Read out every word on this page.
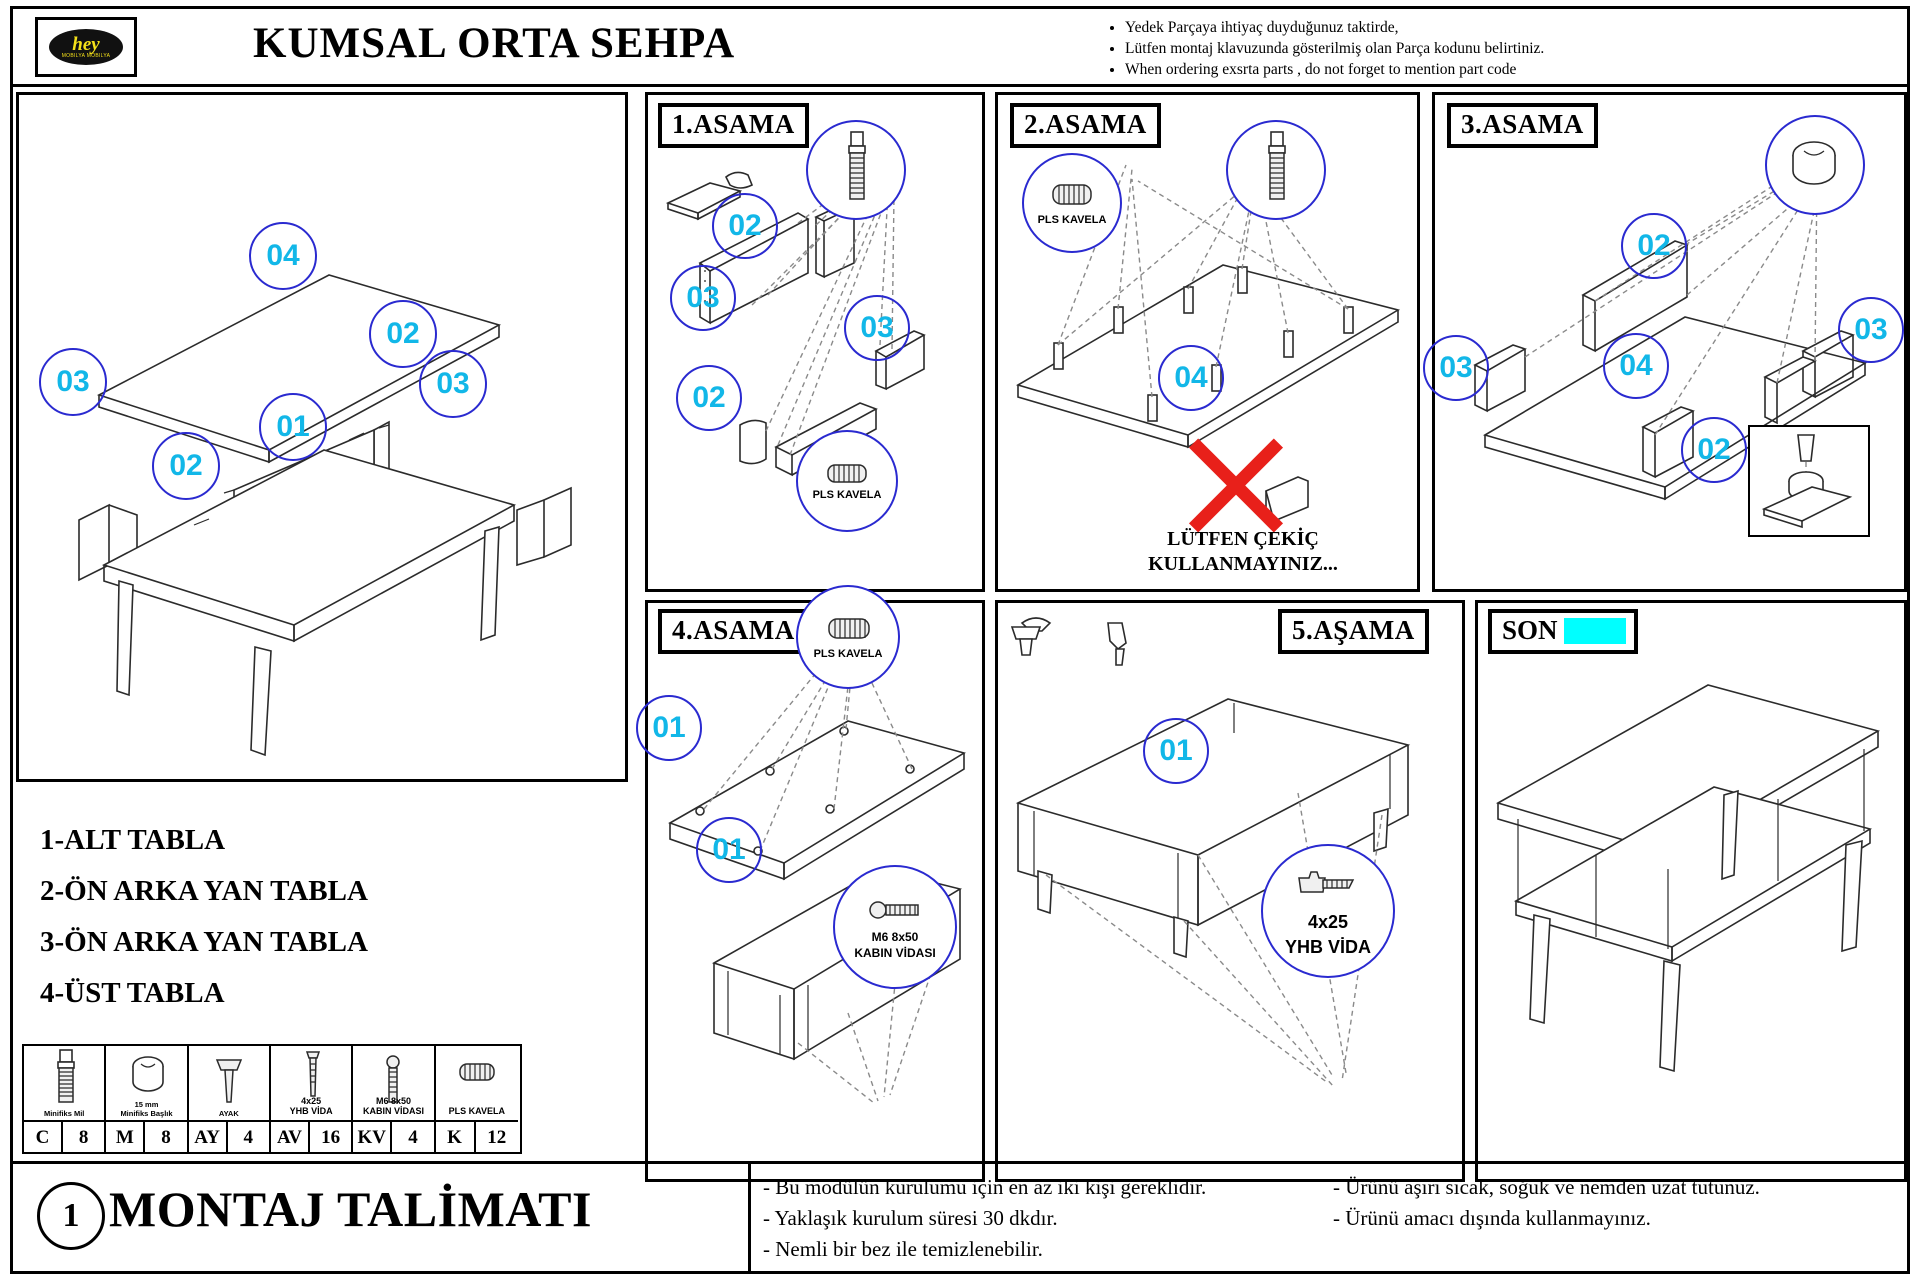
hey
MOBILYA MOBILYA	KUMSAL ORTA SEHPA	• Yedek Parçaya ihtiyaç duyduğunuz taktirde,
• Lütfen montaj klavuzunda gösterilmiş olan Parça kodunu belirtiniz.
• When ordering exsrta parts , do not forget to mention part code
04
02
03	03
01
02
1-ALT TABLA
2-ÖN ARKA YAN TABLA
3-ÖN ARKA YAN TABLA
4-ÜST TABLA
Minifiks Mil
C	8
15 mm
Minifiks Başlık
M	8
AYAK
AY	4
4x25
YHB VİDA
AV	16
M6 8x50
KABIN VİDASI
KV	4
PLS KAVELA
K	12
1.ASAMA
PLS KAVELA
02
03
03
02
2.ASAMA
PLS KAVELA
04
LÜTFEN ÇEKİÇ
KULLANMAYINIZ...
3.ASAMA
02
03	04
03
02
4.ASAMA
PLS KAVELA
01
01
M6 8x50
KABIN VİDASI
5.AŞAMA
01
4x25
YHB VİDA
SON
1 MONTAJ TALİMATI	- Bu modülün kurulumu için en az iki kişi gereklidir.
- Yaklaşık kurulum süresi 30 dkdır.
- Nemli bir bez ile temizlenebilir.
- Ürünü aşırı sıcak, soğuk ve nemden uzat tutunuz.
- Ürünü amacı dışında kullanmayınız.
